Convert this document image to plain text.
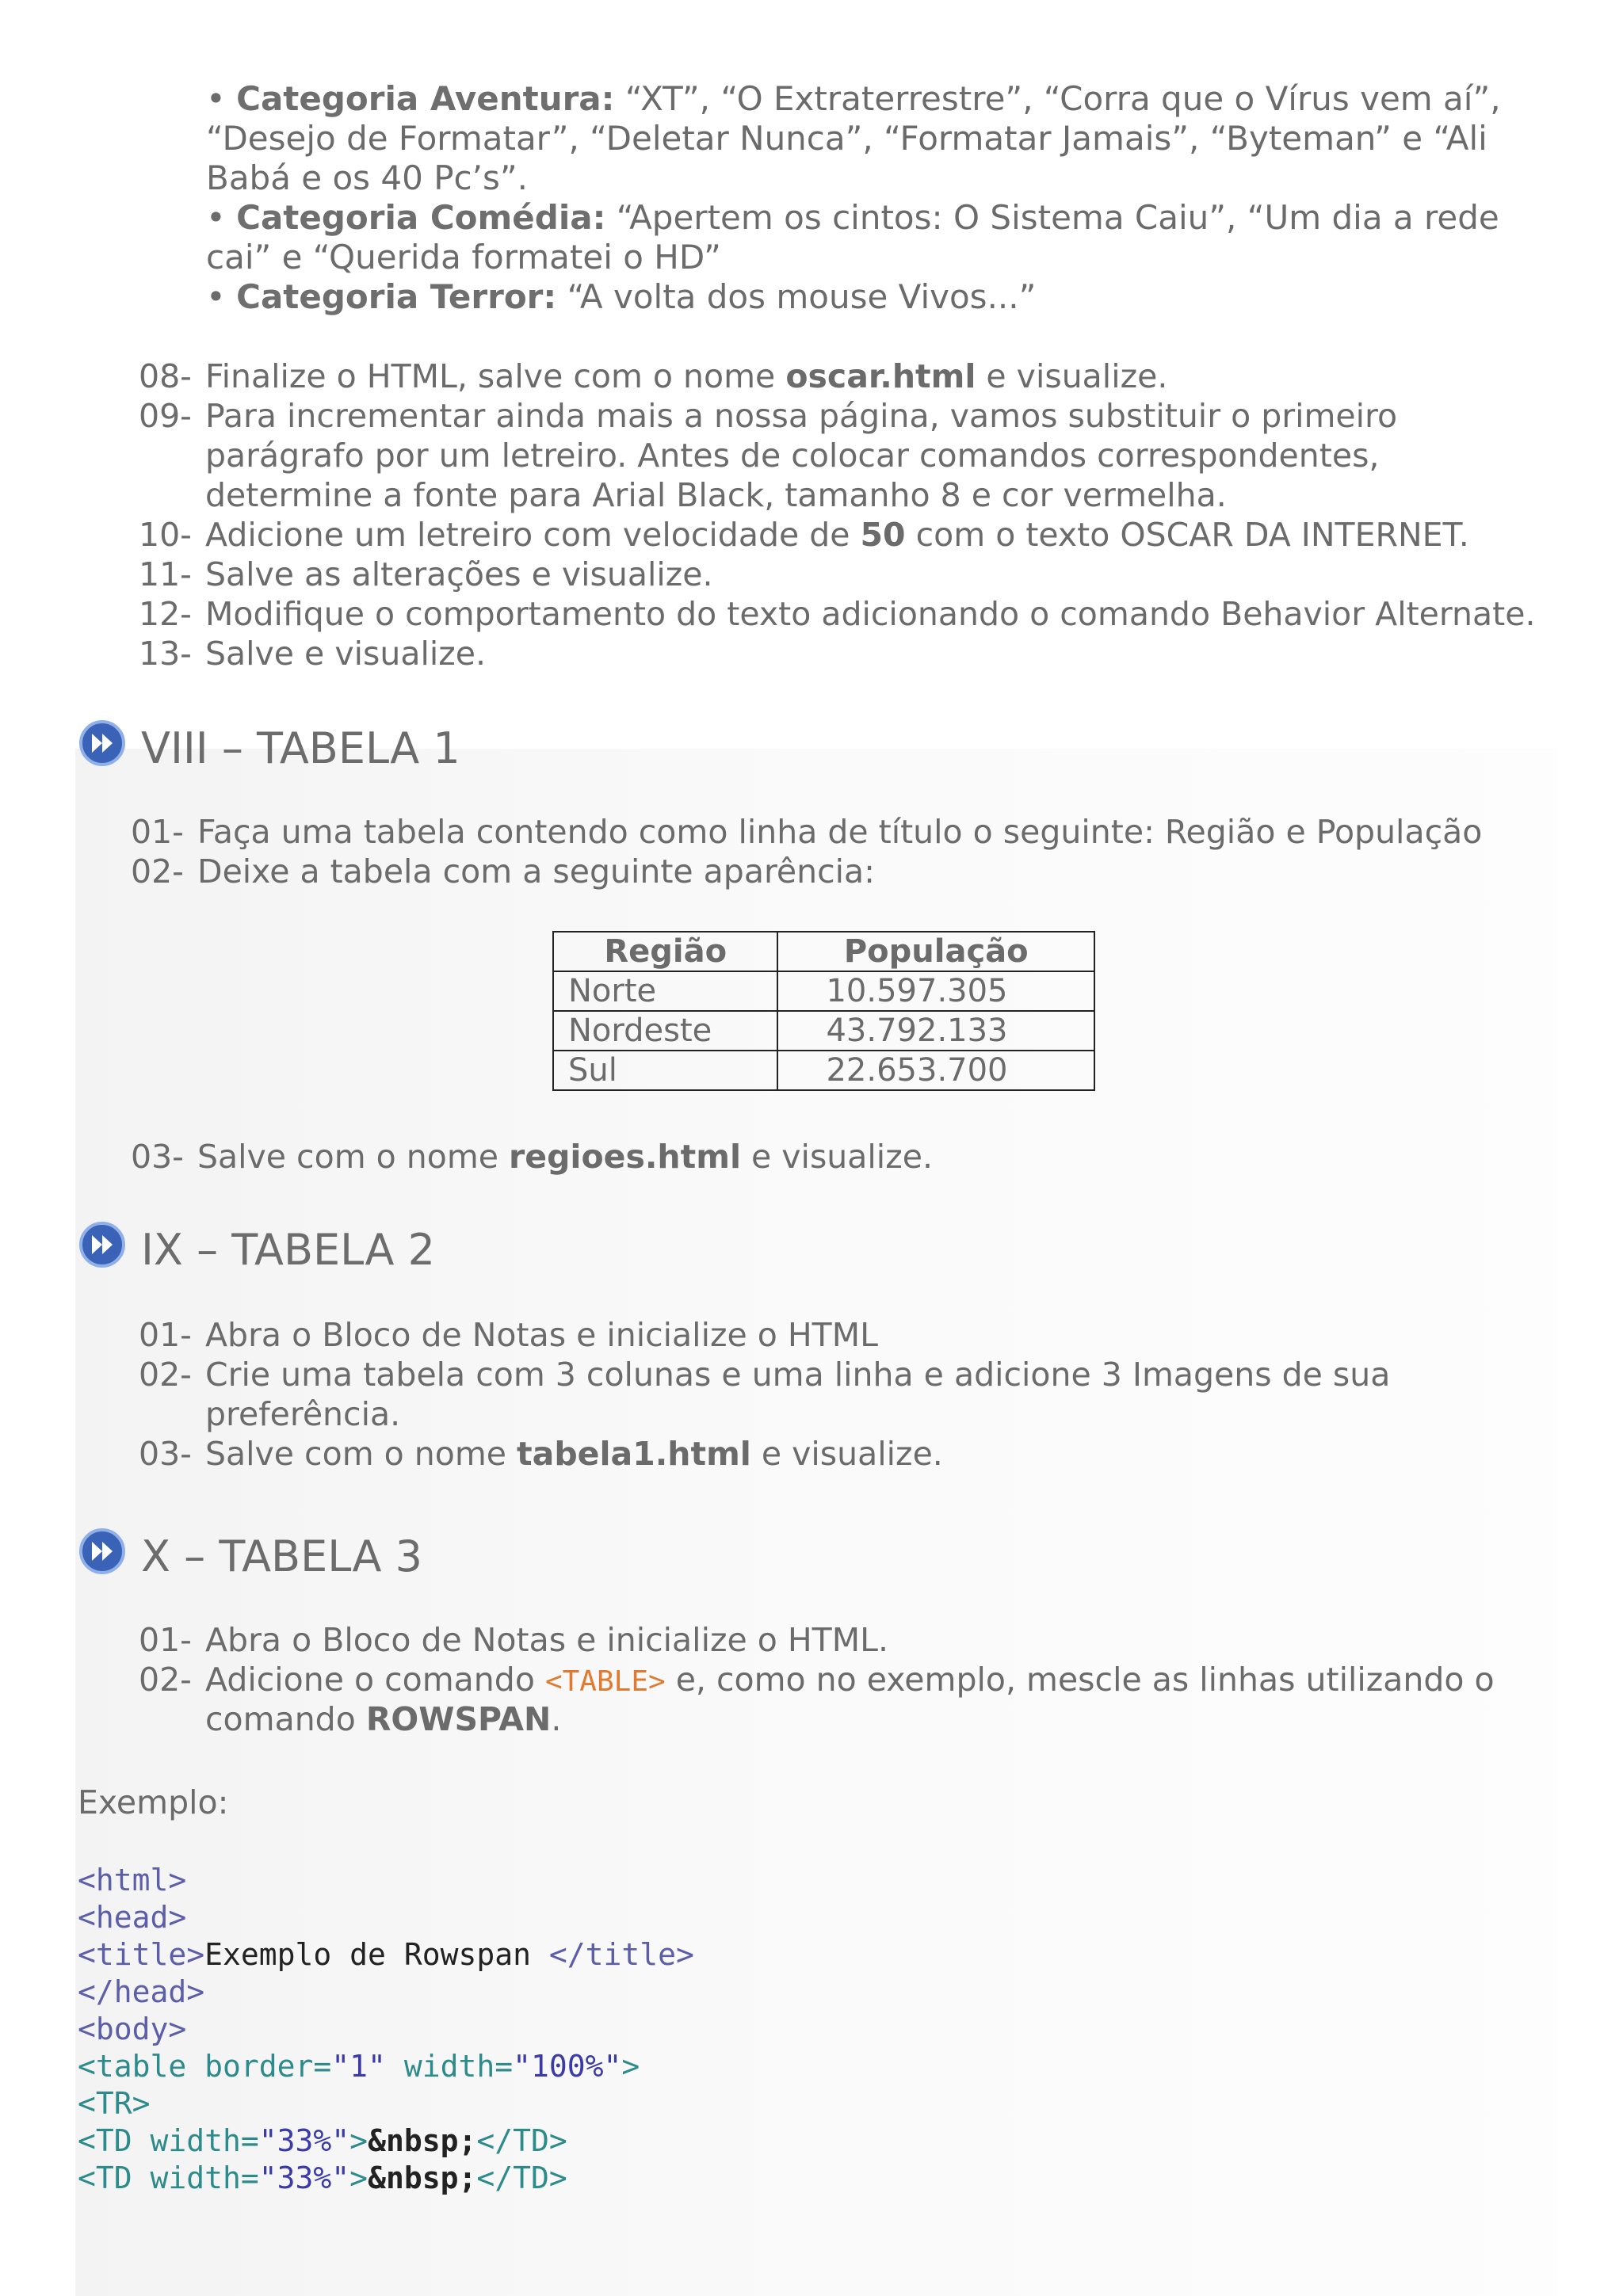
• Categoria Aventura: “XT”, “O Extraterrestre”, “Corra que o Vírus vem aí”,
“Desejo de Formatar”, “Deletar Nunca”, “Formatar Jamais”, “Byteman” e “Ali
Babá e os 40 Pc’s”.
• Categoria Comédia: “Apertem os cintos: O Sistema Caiu”, “Um dia a rede
cai” e “Querida formatei o HD”
• Categoria Terror: “A volta dos mouse Vivos...”
08- Finalize o HTML, salve com o nome oscar.html e visualize.
09- Para incrementar ainda mais a nossa página, vamos substituir o primeiro
parágrafo por um letreiro. Antes de colocar comandos correspondentes,
determine a fonte para Arial Black, tamanho 8 e cor vermelha.
10- Adicione um letreiro com velocidade de 50 com o texto OSCAR DA INTERNET.
11- Salve as alterações e visualize.
12- Modifique o comportamento do texto adicionando o comando Behavior Alternate.
13- Salve e visualize.
VIII – TABELA 1
01- Faça uma tabela contendo como linha de título o seguinte: Região e População
02- Deixe a tabela com a seguinte aparência:
Região	População
Norte	10.597.305
Nordeste	43.792.133
Sul	22.653.700
03- Salve com o nome regioes.html e visualize.
IX – TABELA 2
01- Abra o Bloco de Notas e inicialize o HTML
02- Crie uma tabela com 3 colunas e uma linha e adicione 3 Imagens de sua
preferência.
03- Salve com o nome tabela1.html e visualize.
X – TABELA 3
01- Abra o Bloco de Notas e inicialize o HTML.
02- Adicione o comando <TABLE> e, como no exemplo, mescle as linhas utilizando o
comando ROWSPAN.
Exemplo:
<html>
<head>
<title>Exemplo de Rowspan </title>
</head>
<body>
<table border="1" width="100%">
<TR>
<TD width="33%">&nbsp;</TD>
<TD width="33%">&nbsp;</TD>
